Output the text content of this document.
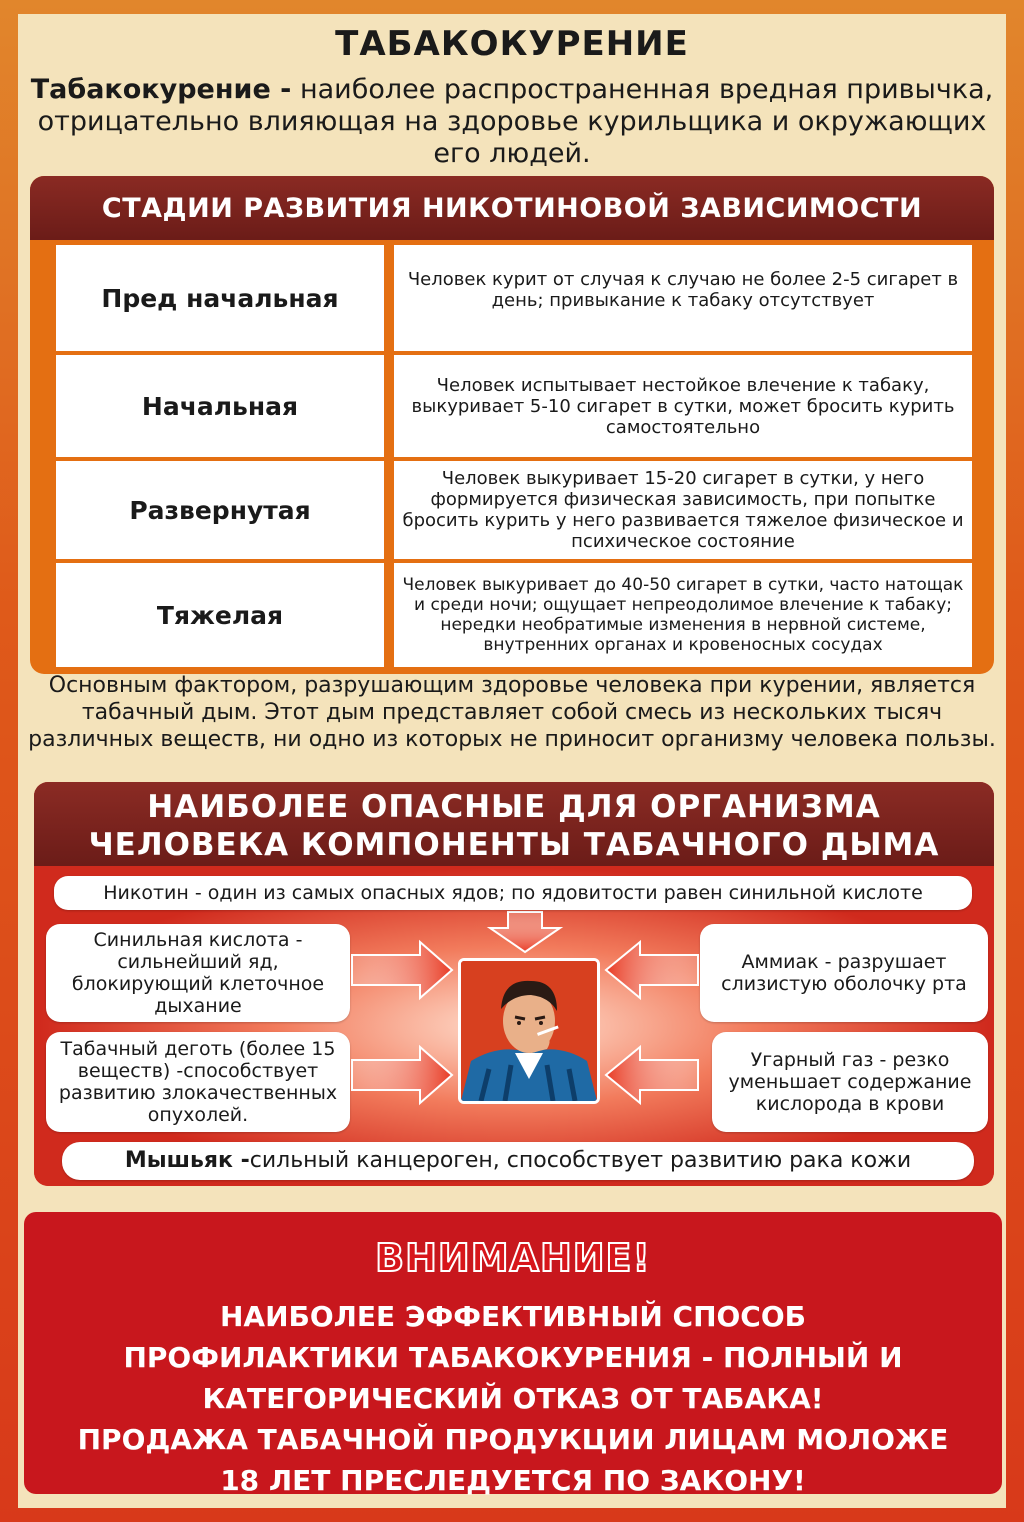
ТАБАКОКУРЕНИЕ
Табакокурение - наиболее распространенная вредная привычка, отрицательно влияющая на здоровье курильщика и окружающих его людей.
СТАДИИ РАЗВИТИЯ НИКОТИНОВОЙ ЗАВИСИМОСТИ
Пред начальная
Человек курит от случая к случаю не более 2-5 сигарет в день; привыкание к табаку отсутствует
Начальная
Человек испытывает нестойкое влечение к табаку, выкуривает 5-10 сигарет в сутки, может бросить курить самостоятельно
Развернутая
Человек выкуривает 15-20 сигарет в сутки, у него формируется физическая зависимость, при попытке бросить курить у него развивается тяжелое физическое и психическое состояние
Тяжелая
Человек выкуривает до 40-50 сигарет в сутки, часто натощак и среди ночи; ощущает непреодолимое влечение к табаку; нередки необратимые изменения в нервной системе, внутренних органах и кровеносных сосудах
Основным фактором, разрушающим здоровье человека при курении, является табачный дым. Этот дым представляет собой смесь из нескольких тысяч различных веществ, ни одно из которых не приносит организму человека пользы.
НАИБОЛЕЕ ОПАСНЫЕ ДЛЯ ОРГАНИЗМА
ЧЕЛОВЕКА КОМПОНЕНТЫ ТАБАЧНОГО ДЫМА
Никотин - один из самых опасных ядов; по ядовитости равен синильной кислоте
Синильная кислота - сильнейший яд, блокирующий клеточное дыхание
Аммиак - разрушает слизистую оболочку рта
Табачный деготь (более 15 веществ) -способствует развитию злокачественных опухолей.
Угарный газ - резко уменьшает содержание кислорода в крови
Мышьяк - сильный канцероген, способствует развитию рака кожи
ВНИМАНИЕ!
НАИБОЛЕЕ ЭФФЕКТИВНЫЙ СПОСОБ
ПРОФИЛАКТИКИ ТАБАКОКУРЕНИЯ - ПОЛНЫЙ И
КАТЕГОРИЧЕСКИЙ ОТКАЗ ОТ ТАБАКА!
ПРОДАЖА ТАБАЧНОЙ ПРОДУКЦИИ ЛИЦАМ МОЛОЖЕ
18 ЛЕТ ПРЕСЛЕДУЕТСЯ ПО ЗАКОНУ!
